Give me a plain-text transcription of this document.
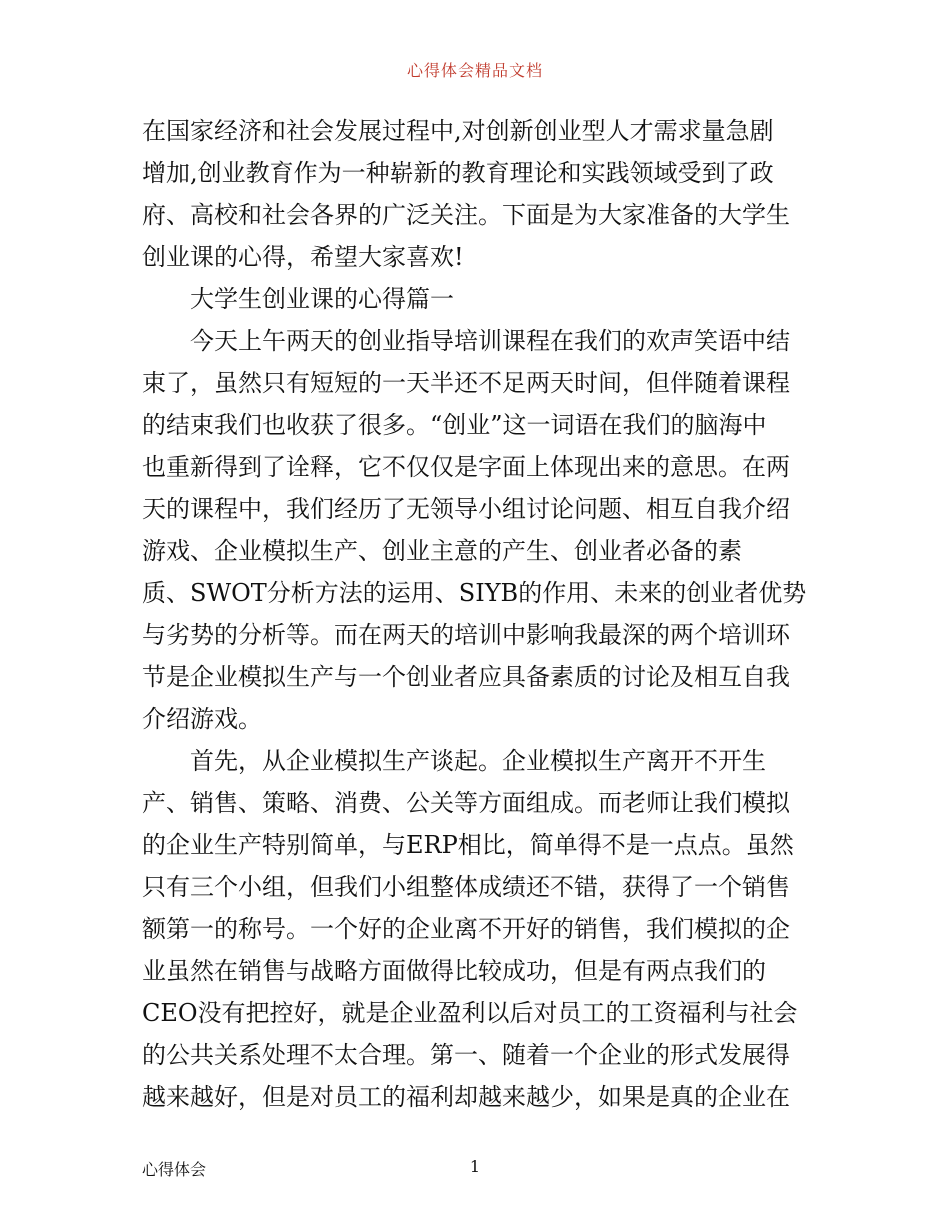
心得体会精品文档
在国家经济和社会发展过程中,对创新创业型人才需求量急剧
增加,创业教育作为一种崭新的教育理论和实践领域受到了政
府、高校和社会各界的广泛关注。下面是为大家准备的大学生
创业课的心得，希望大家喜欢!
　　大学生创业课的心得篇一
　　今天上午两天的创业指导培训课程在我们的欢声笑语中结
束了，虽然只有短短的一天半还不足两天时间，但伴随着课程
的结束我们也收获了很多。“创业”这一词语在我们的脑海中
也重新得到了诠释，它不仅仅是字面上体现出来的意思。在两
天的课程中，我们经历了无领导小组讨论问题、相互自我介绍
游戏、企业模拟生产、创业主意的产生、创业者必备的素
质、SWOT分析方法的运用、SIYB的作用、未来的创业者优势
与劣势的分析等。而在两天的培训中影响我最深的两个培训环
节是企业模拟生产与一个创业者应具备素质的讨论及相互自我
介绍游戏。
　　首先，从企业模拟生产谈起。企业模拟生产离开不开生
产、销售、策略、消费、公关等方面组成。而老师让我们模拟
的企业生产特别简单，与ERP相比，简单得不是一点点。虽然
只有三个小组，但我们小组整体成绩还不错，获得了一个销售
额第一的称号。一个好的企业离不开好的销售，我们模拟的企
业虽然在销售与战略方面做得比较成功，但是有两点我们的
CEO没有把控好，就是企业盈利以后对员工的工资福利与社会
的公共关系处理不太合理。第一、随着一个企业的形式发展得
越来越好，但是对员工的福利却越来越少，如果是真的企业在
心得体会	1
